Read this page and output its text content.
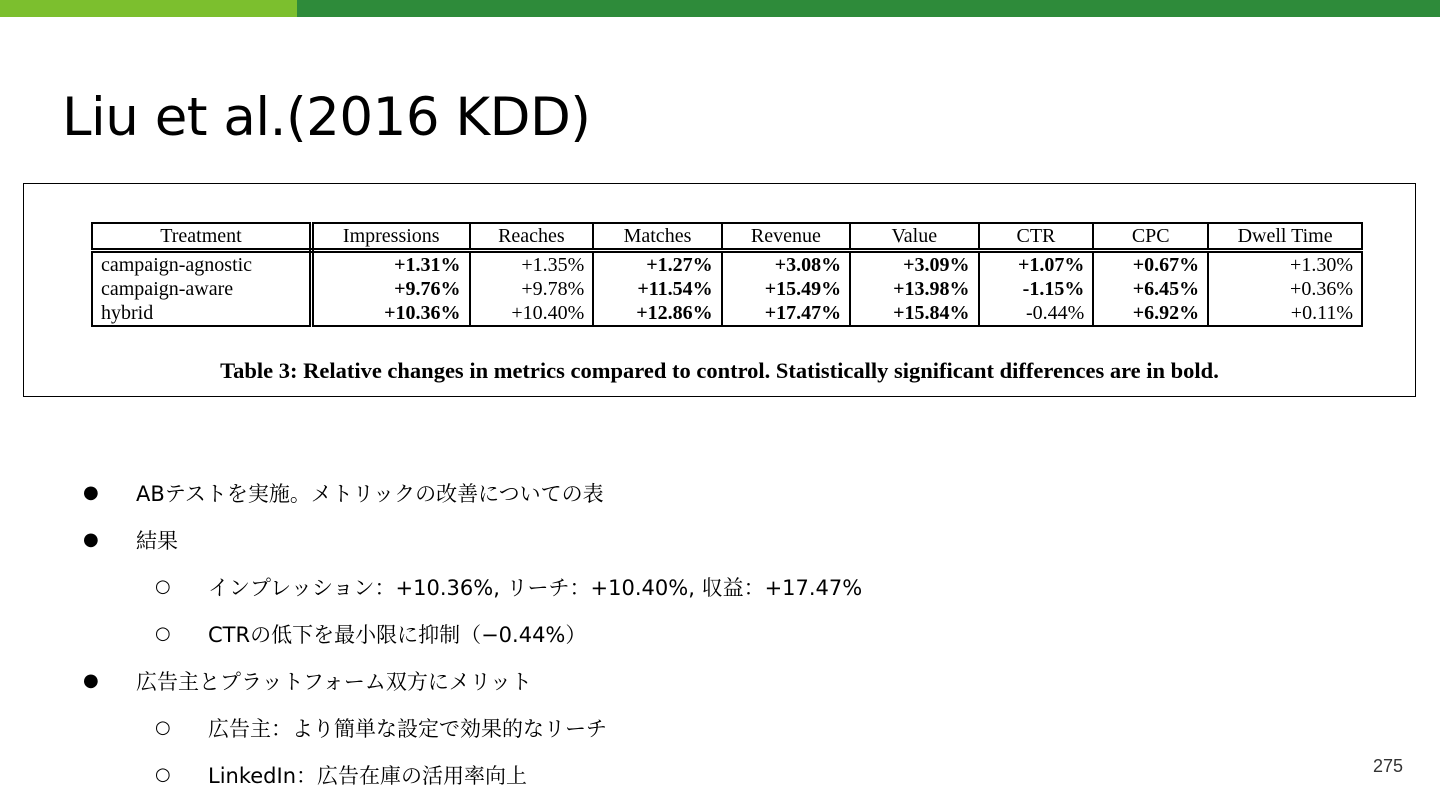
Liu et al.(2016 KDD)
Treatment	Impressions	Reaches	Matches	Revenue	Value	CTR	CPC	Dwell Time
campaign-agnostic	+1.31%	+1.35%	+1.27%	+3.08%	+3.09%	+1.07%	+0.67%	+1.30%
campaign-aware	+9.76%	+9.78%	+11.54%	+15.49%	+13.98%	-1.15%	+6.45%	+0.36%
hybrid	+10.36%	+10.40%	+12.86%	+17.47%	+15.84%	-0.44%	+6.92%	+0.11%
Table 3: Relative changes in metrics compared to control. Statistically significant differences are in bold.
● ABテストを実施。メトリックの改善についての表
● 結果
○ インプレッション：+10.36%, リーチ：+10.40%, 収益：+17.47%
○ CTRの低下を最小限に抑制（−0.44%）
● 広告主とプラットフォーム双方にメリット
○ 広告主：より簡単な設定で効果的なリーチ
○ LinkedIn：広告在庫の活用率向上	275
